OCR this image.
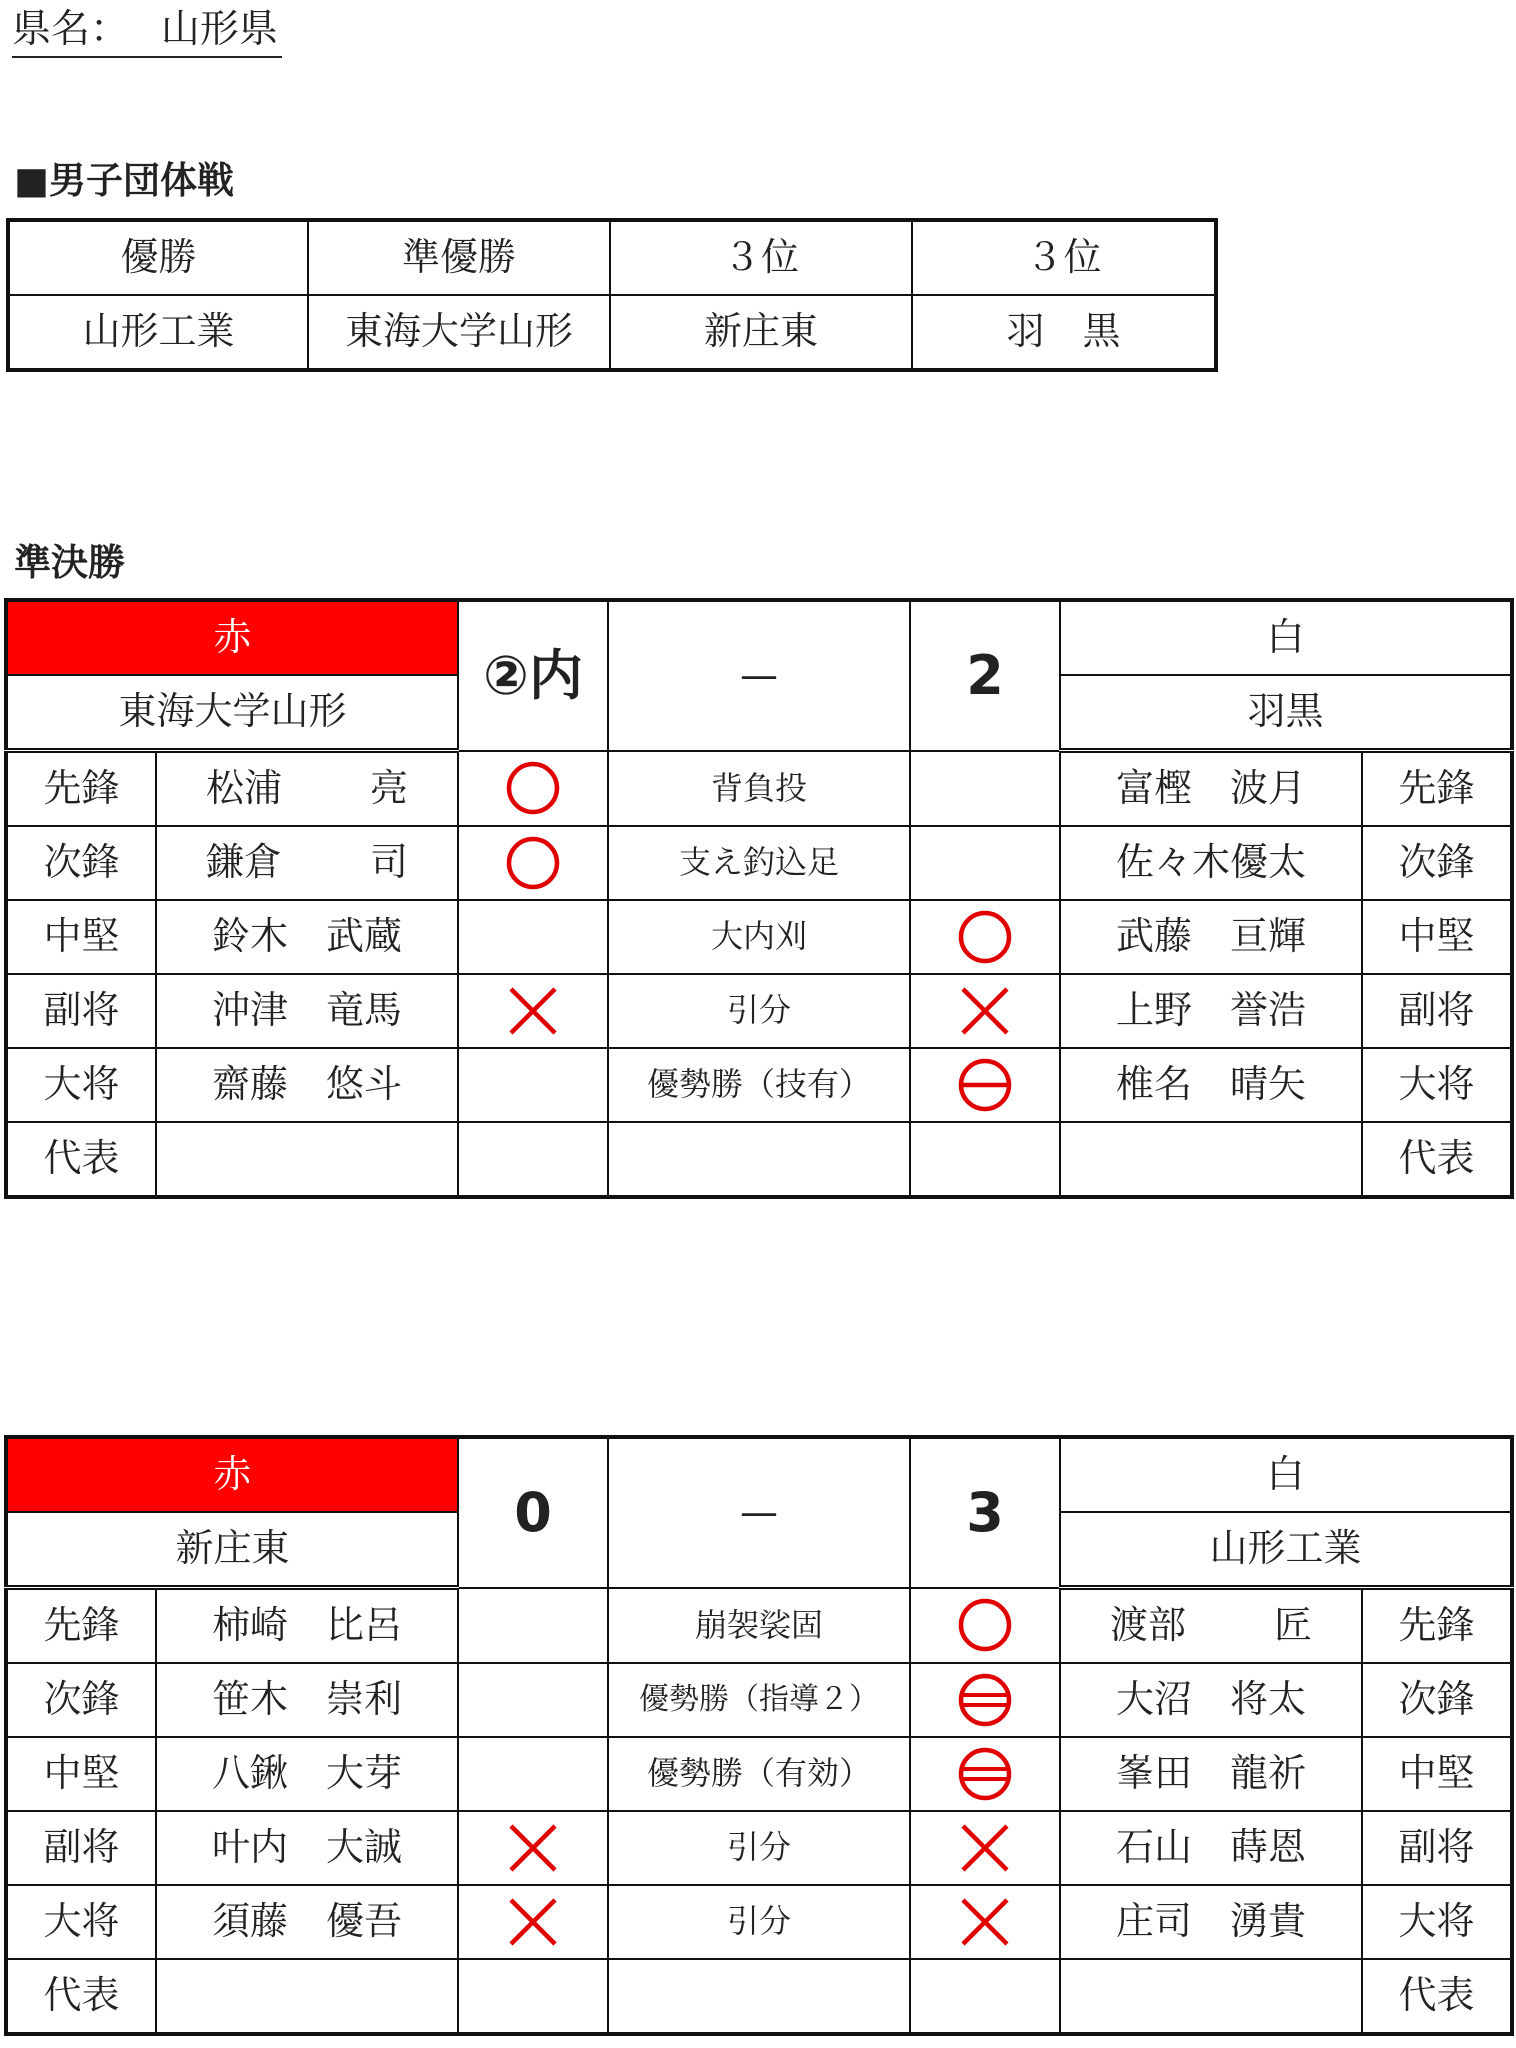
県名：　 山形県
■男子団体戦
優勝	準優勝	３位	３位
山形工業	東海大学山形	新庄東	羽　黒
準決勝
赤		②内	—	2	白	
東海大学山形					羽黒	
先鋒	松浦　　 亮		背負投		富樫　波月	先鋒
次鋒	鎌倉　　 司		支え釣込足		佐々木優太	次鋒
中堅	鈴木　武蔵		大内刈		武藤　亘輝	中堅
副将	沖津　竜馬		引分		上野　誉浩	副将
大将	齋藤　悠斗		優勢勝（技有）		椎名　晴矢	大将
代表						代表
赤		0	—	3	白	
新庄東					山形工業	
先鋒	柿崎　比呂		崩袈裟固		渡部　　 匠	先鋒
次鋒	笹木　崇利		優勢勝（指導２）		大沼　将太	次鋒
中堅	八鍬　大芽		優勢勝（有効）		峯田　龍祈	中堅
副将	叶内　大誠		引分		石山　蒔恩	副将
大将	須藤　優吾		引分		庄司　湧貴	大将
代表						代表
